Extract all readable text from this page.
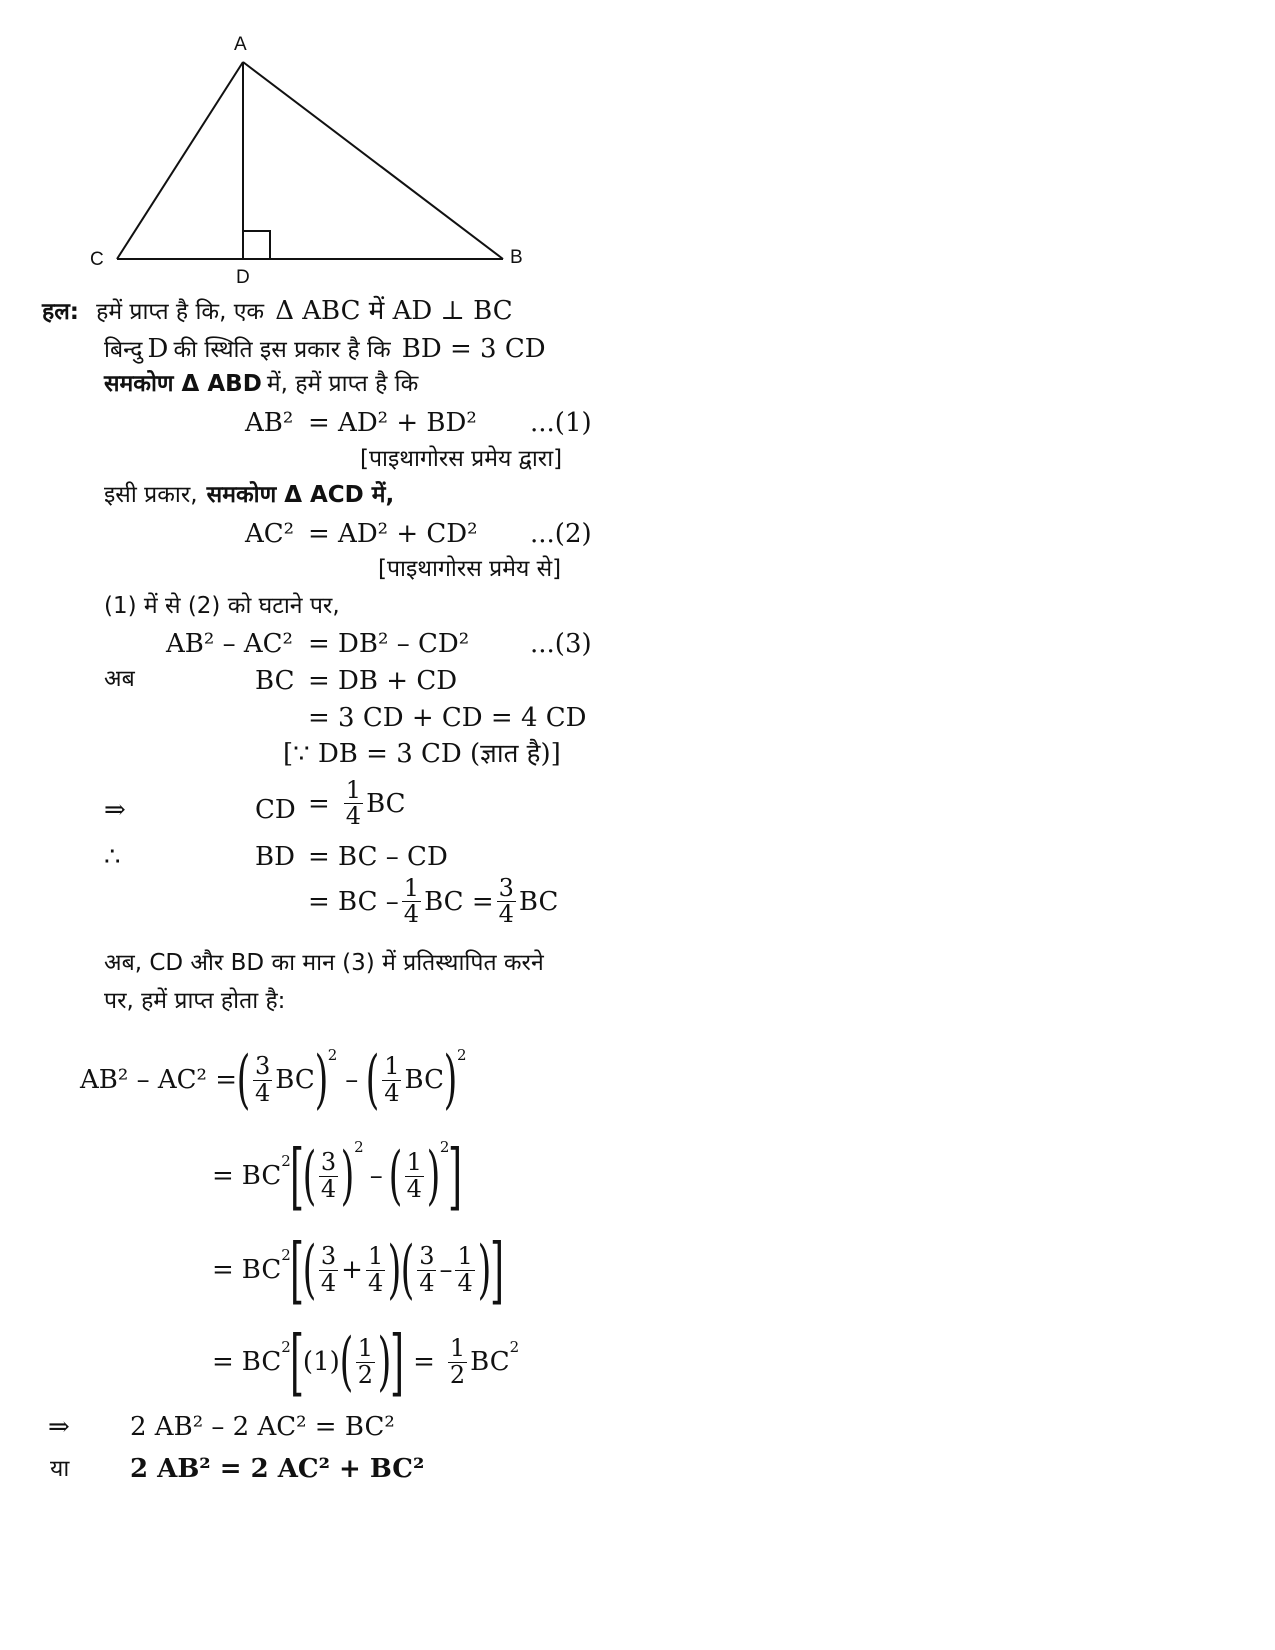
A
B
C
D
हल: हमें प्राप्त है कि, एक Δ ABC में AD ⊥ BC
बिन्दु D की स्थिति इस प्रकार है कि BD = 3 CD
समकोण Δ ABD में, हमें प्राप्त है कि
AB² = AD² + BD² ...(1)
[पाइथागोरस प्रमेय द्वारा]
इसी प्रकार, समकोण Δ ACD में,
AC² = AD² + CD² ...(2)
[पाइथागोरस प्रमेय से]
(1) में से (2) को घटाने पर,
AB² – AC² = DB² – CD² ...(3)
अब	BC = DB + CD
= 3 CD + CD = 4 CD
[∵ DB = 3 CD (ज्ञात है)]
⇒	CD = $\frac{1}{4}$ BC
∴	BD = BC – CD
= BC – 1
4 BC = $\frac{3}{4}$ BC
अब, CD और BD का मान (3) में प्रतिस्थापित करने
पर, हमें प्राप्त होता है:
AB² – AC² = ( 3
4 BC ) 2
– ( 1
4 BC ) 2
= BC 2 [
( 3
4 ) 2
– ( 1
4 ) 2 ]
= BC 2 [
( 3
$4 + \frac{1}{4}$ ) ( 3
4 – 1
4 )
]
= BC 2 [ (1) ( 1
2 )
] = $\frac{1}{2}$ BC 2
⇒ 2 AB² – 2 AC² = BC²
या 2 AB² = 2 AC² + BC²
